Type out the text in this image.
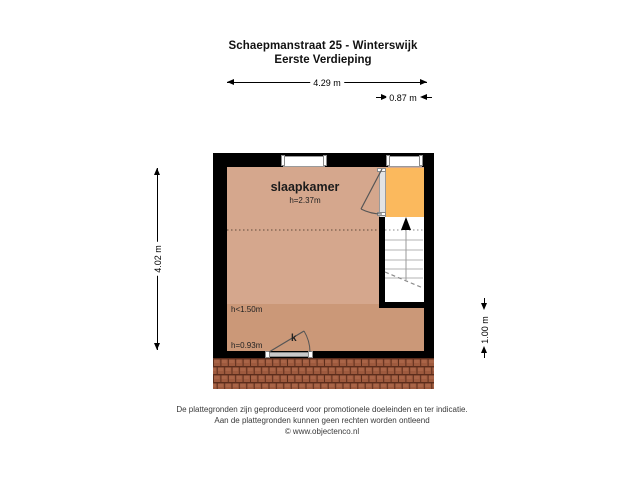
Schaepmanstraat 25 - Winterswijk
Eerste Verdieping
4.29 m
0.87 m
4.02 m
1.00 m
slaapkamer
h=2.37m
h<1.50m
h=0.93m
k
De plattegronden zijn geproduceerd voor promotionele doeleinden en ter indicatie.
Aan de plattegronden kunnen geen rechten worden ontleend
© www.objectenco.nl
